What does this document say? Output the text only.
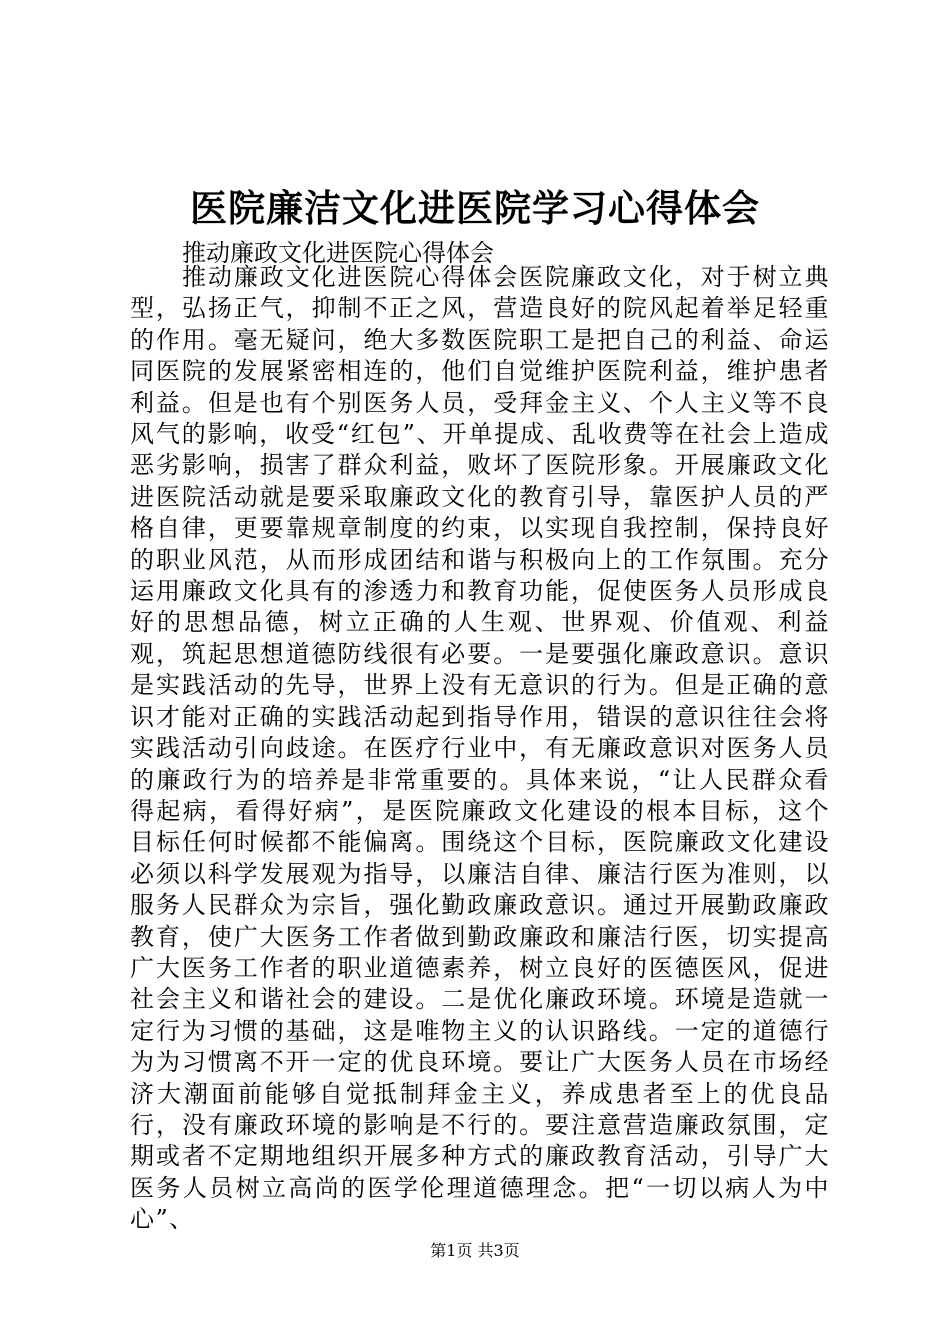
医院廉洁文化进医院学习心得体会

推动廉政文化进医院心得体会

推动廉政文化进医院心得体会医院廉政文化，对于树立典型，弘扬正气，抑制不正之风，营造良好的院风起着举足轻重的作用。毫无疑问，绝大多数医院职工是把自己的利益、命运同医院的发展紧密相连的，他们自觉维护医院利益，维护患者利益。但是也有个别医务人员，受拜金主义、个人主义等不良风气的影响，收受“红包”、开单提成、乱收费等在社会上造成恶劣影响，损害了群众利益，败坏了医院形象。开展廉政文化进医院活动就是要采取廉政文化的教育引导，靠医护人员的严格自律，更要靠规章制度的约束，以实现自我控制，保持良好的职业风范，从而形成团结和谐与积极向上的工作氛围。充分运用廉政文化具有的渗透力和教育功能，促使医务人员形成良好的思想品德，树立正确的人生观、世界观、价值观、利益观，筑起思想道德防线很有必要。一是要强化廉政意识。意识是实践活动的先导，世界上没有无意识的行为。但是正确的意识才能对正确的实践活动起到指导作用，错误的意识往往会将实践活动引向歧途。在医疗行业中，有无廉政意识对医务人员的廉政行为的培养是非常重要的。具体来说，“让人民群众看得起病，看得好病”，是医院廉政文化建设的根本目标，这个目标任何时候都不能偏离。围绕这个目标，医院廉政文化建设必须以科学发展观为指导，以廉洁自律、廉洁行医为准则，以服务人民群众为宗旨，强化勤政廉政意识。通过开展勤政廉政教育，使广大医务工作者做到勤政廉政和廉洁行医，切实提高广大医务工作者的职业道德素养，树立良好的医德医风，促进社会主义和谐社会的建设。二是优化廉政环境。环境是造就一定行为习惯的基础，这是唯物主义的认识路线。一定的道德行为为习惯离不开一定的优良环境。要让广大医务人员在市场经济大潮面前能够自觉抵制拜金主义，养成患者至上的优良品行，没有廉政环境的影响是不行的。要注意营造廉政氛围，定期或者不定期地组织开展多种方式的廉政教育活动，引导广大医务人员树立高尚的医学伦理道德理念。把“一切以病人为中心”、

第1页 共3页
